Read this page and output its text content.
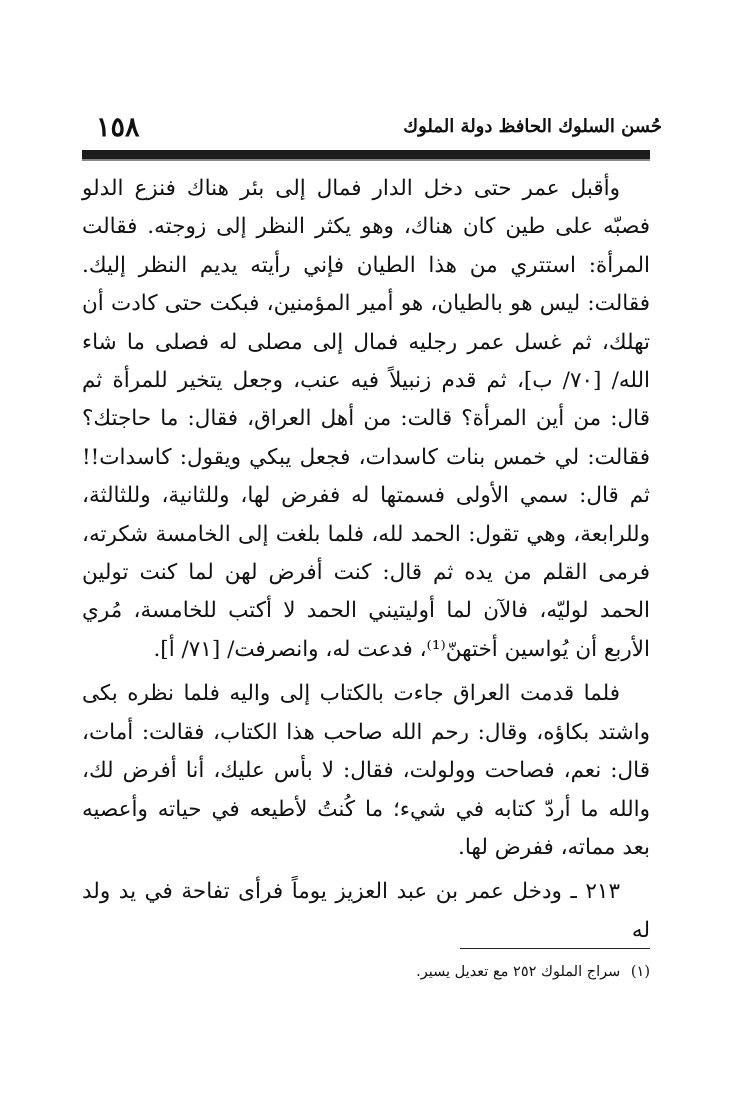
١٥٨	حُسن السلوك الحافظ دولة الملوك

وأقبل عمر حتى دخل الدار فمال إلى بئر هناك فنزع الدلو فصبّه على طين كان هناك، وهو يكثر النظر إلى زوجته. فقالت المرأة: استتري من هذا الطيان فإني رأيته يديم النظر إليك. فقالت: ليس هو بالطيان، هو أمير المؤمنين، فبكت حتى كادت أن تهلك، ثم غسل عمر رجليه فمال إلى مصلى له فصلى ما شاء الله/ [٧٠/ ب]، ثم قدم زنبيلاً فيه عنب، وجعل يتخير للمرأة ثم قال: من أين المرأة؟ قالت: من أهل العراق، فقال: ما حاجتك؟ فقالت: لي خمس بنات كاسدات، فجعل يبكي ويقول: كاسدات!! ثم قال: سمي الأولى فسمتها له ففرض لها، وللثانية، وللثالثة، وللرابعة، وهي تقول: الحمد لله، فلما بلغت إلى الخامسة شكرته، فرمى القلم من يده ثم قال: كنت أفرض لهن لما كنت تولين الحمد لوليّه، فالآن لما أوليتيني الحمد لا أكتب للخامسة، مُري الأربع أن يُواسين أختهنّ⁽¹⁾، فدعت له، وانصرفت/ [٧١/ أ].

فلما قدمت العراق جاءت بالكتاب إلى واليه فلما نظره بكى واشتد بكاؤه، وقال: رحم الله صاحب هذا الكتاب، فقالت: أمات، قال: نعم، فصاحت وولولت، فقال: لا بأس عليك، أنا أفرض لك، والله ما أردّ كتابه في شيء؛ ما كُنتُ لأطيعه في حياته وأعصيه بعد مماته، ففرض لها.

٢١٣ ـ ودخل عمر بن عبد العزيز يوماً فرأى تفاحة في يد ولد له

(١) سراج الملوك ٢٥٢ مع تعديل يسير.
